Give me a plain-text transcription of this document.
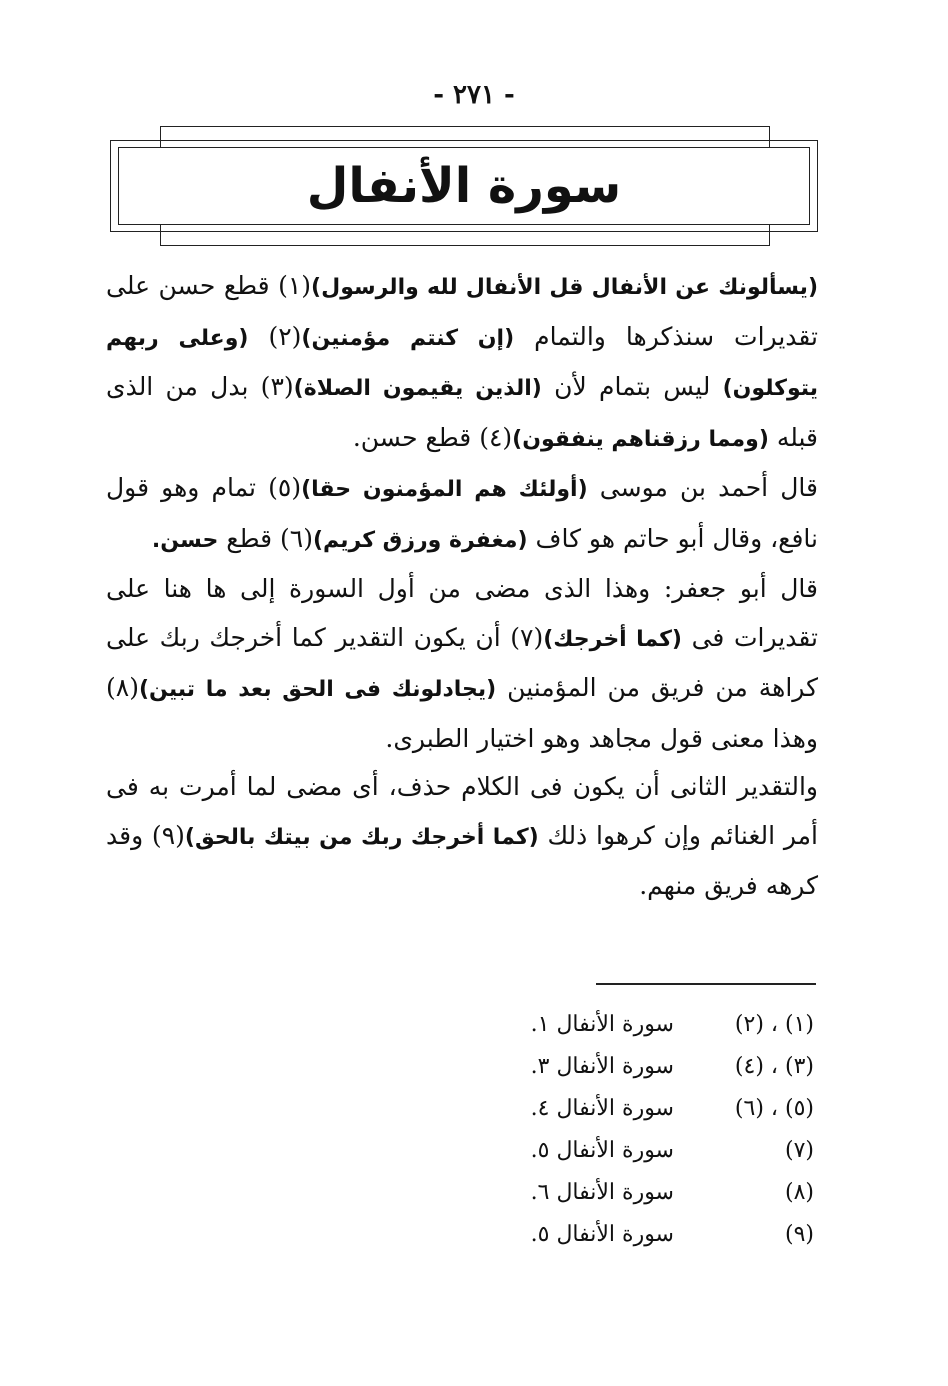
- ٢٧١ -
سورة الأنفال

(يسألونك عن الأنفال قل الأنفال لله والرسول)(١) قطع حسن على تقديرات سنذكرها والتمام (إن كنتم مؤمنين)(٢) (وعلى ربهم يتوكلون) ليس بتمام لأن (الذين يقيمون الصلاة)(٣) بدل من الذى قبله (ومما رزقناهم ينفقون)(٤) قطع حسن.

قال أحمد بن موسى (أولئك هم المؤمنون حقا)(٥) تمام وهو قول نافع، وقال أبو حاتم هو كاف (مغفرة ورزق كريم)(٦) قطع حسن.

قال أبو جعفر: وهذا الذى مضى من أول السورة إلى ها هنا على تقديرات فى (كما أخرجك)(٧) أن يكون التقدير كما أخرجك ربك على كراهة من فريق من المؤمنين (يجادلونك فى الحق بعد ما تبين)(٨) وهذا معنى قول مجاهد وهو اختيار الطبرى.

والتقدير الثانى أن يكون فى الكلام حذف، أى مضى لما أمرت به فى أمر الغنائم وإن كرهوا ذلك (كما أخرجك ربك من بيتك بالحق)(٩) وقد كرهه فريق منهم.

(١) ، (٢)
سورة الأنفال ١.
(٣) ، (٤)
سورة الأنفال ٣.
(٥) ، (٦)
سورة الأنفال ٤.
(٧)
سورة الأنفال ٥.
(٨)
سورة الأنفال ٦.
(٩)
سورة الأنفال ٥.
